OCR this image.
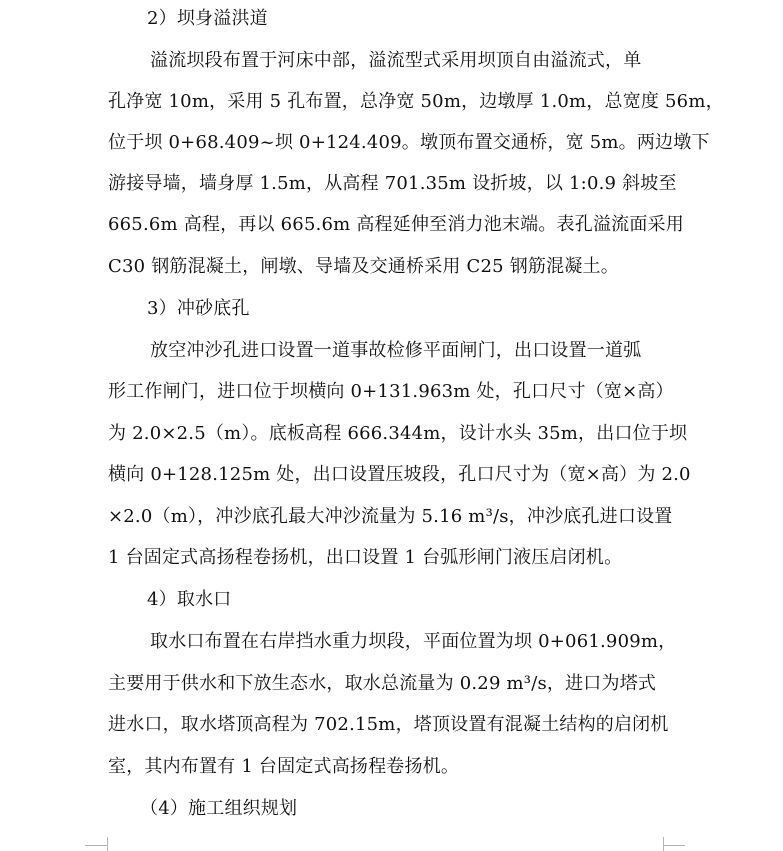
2）坝身溢洪道
溢流坝段布置于河床中部，溢流型式采用坝顶自由溢流式，单
孔净宽 10m，采用 5 孔布置，总净宽 50m，边墩厚 1.0m，总宽度 56m，
位于坝 0+68.409~坝 0+124.409。墩顶布置交通桥，宽 5m。两边墩下
游接导墙，墙身厚 1.5m，从高程 701.35m 设折坡，以 1:0.9 斜坡至
665.6m 高程，再以 665.6m 高程延伸至消力池末端。表孔溢流面采用
C30 钢筋混凝土，闸墩、导墙及交通桥采用 C25 钢筋混凝土。
3）冲砂底孔
放空冲沙孔进口设置一道事故检修平面闸门，出口设置一道弧
形工作闸门，进口位于坝横向 0+131.963m 处，孔口尺寸（宽×高）
为 2.0×2.5（m）。底板高程 666.344m，设计水头 35m，出口位于坝
横向 0+128.125m 处，出口设置压坡段，孔口尺寸为（宽×高）为 2.0
×2.0（m），冲沙底孔最大冲沙流量为 5.16 m³/s，冲沙底孔进口设置
1 台固定式高扬程卷扬机，出口设置 1 台弧形闸门液压启闭机。
4）取水口
取水口布置在右岸挡水重力坝段，平面位置为坝 0+061.909m，
主要用于供水和下放生态水，取水总流量为 0.29 m³/s，进口为塔式
进水口，取水塔顶高程为 702.15m，塔顶设置有混凝土结构的启闭机
室，其内布置有 1 台固定式高扬程卷扬机。
（4）施工组织规划
